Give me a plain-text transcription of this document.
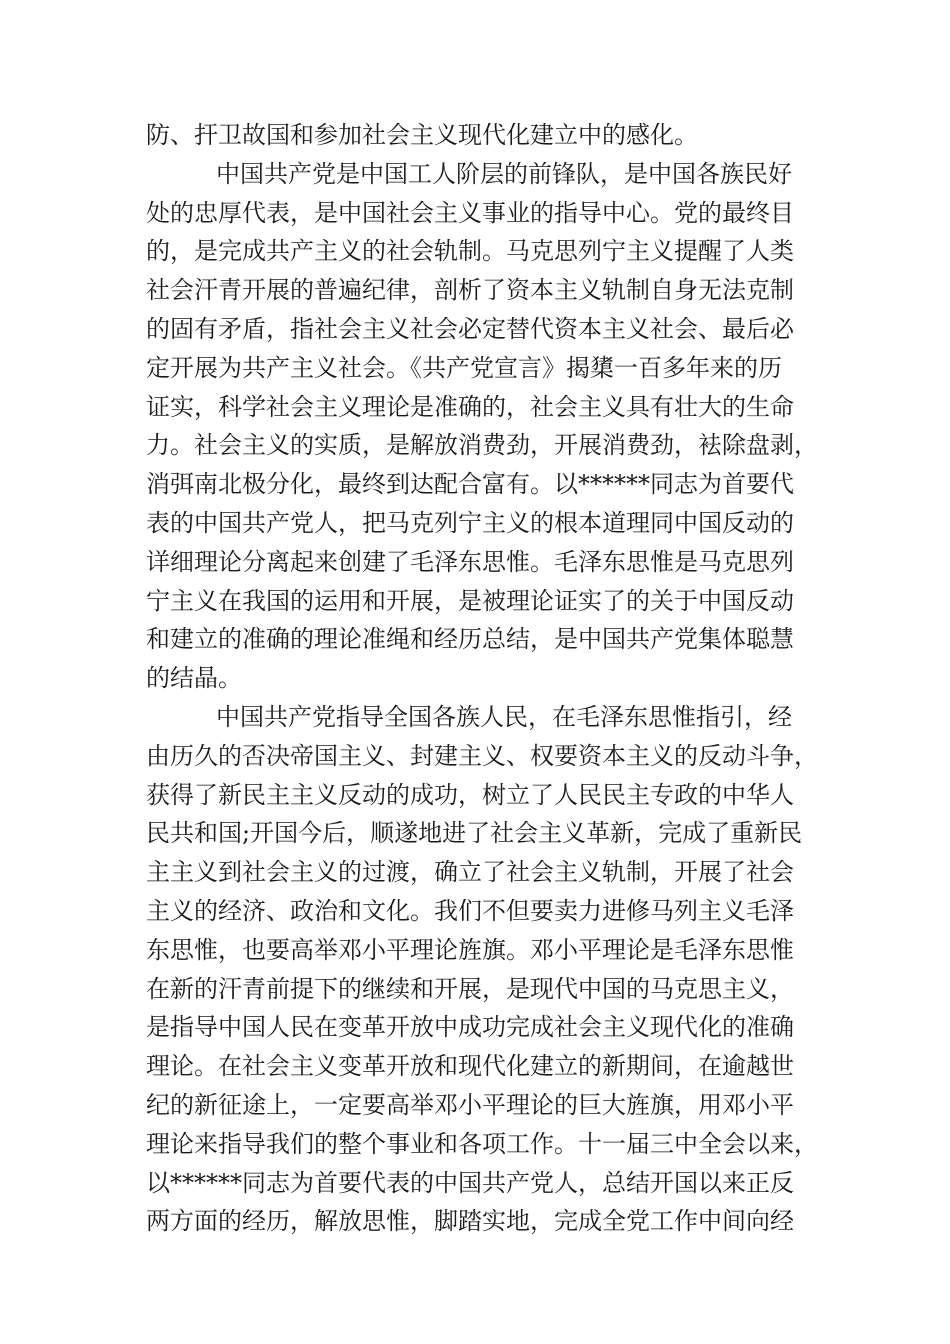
防、扞卫故国和参加社会主义现代化建立中的感化。
中国共产党是中国工人阶层的前锋队，是中国各族民好
处的忠厚代表，是中国社会主义事业的指导中心。党的最终目
的，是完成共产主义的社会轨制。马克思列宁主义提醒了人类
社会汗青开展的普遍纪律，剖析了资本主义轨制自身无法克制
的固有矛盾，指社会主义社会必定替代资本主义社会、最后必
定开展为共产主义社会。《共产党宣言》揭橥一百多年来的历
证实，科学社会主义理论是准确的，社会主义具有壮大的生命
力。社会主义的实质，是解放消费劲，开展消费劲，袪除盘剥，
消弭南北极分化，最终到达配合富有。以******同志为首要代
表的中国共产党人，把马克列宁主义的根本道理同中国反动的
详细理论分离起来创建了毛泽东思惟。毛泽东思惟是马克思列
宁主义在我国的运用和开展，是被理论证实了的关于中国反动
和建立的准确的理论准绳和经历总结，是中国共产党集体聪慧
的结晶。
中国共产党指导全国各族人民，在毛泽东思惟指引，经
由历久的否决帝国主义、封建主义、权要资本主义的反动斗争，
获得了新民主主义反动的成功，树立了人民民主专政的中华人
民共和国;开国今后，顺遂地进了社会主义革新，完成了重新民
主主义到社会主义的过渡，确立了社会主义轨制，开展了社会
主义的经济、政治和文化。我们不但要卖力进修马列主义毛泽
东思惟，也要高举邓小平理论旌旗。邓小平理论是毛泽东思惟
在新的汗青前提下的继续和开展，是现代中国的马克思主义，
是指导中国人民在变革开放中成功完成社会主义现代化的准确
理论。在社会主义变革开放和现代化建立的新期间，在逾越世
纪的新征途上，一定要高举邓小平理论的巨大旌旗，用邓小平
理论来指导我们的整个事业和各项工作。十一届三中全会以来，
以******同志为首要代表的中国共产党人，总结开国以来正反
两方面的经历，解放思惟，脚踏实地，完成全党工作中间向经
